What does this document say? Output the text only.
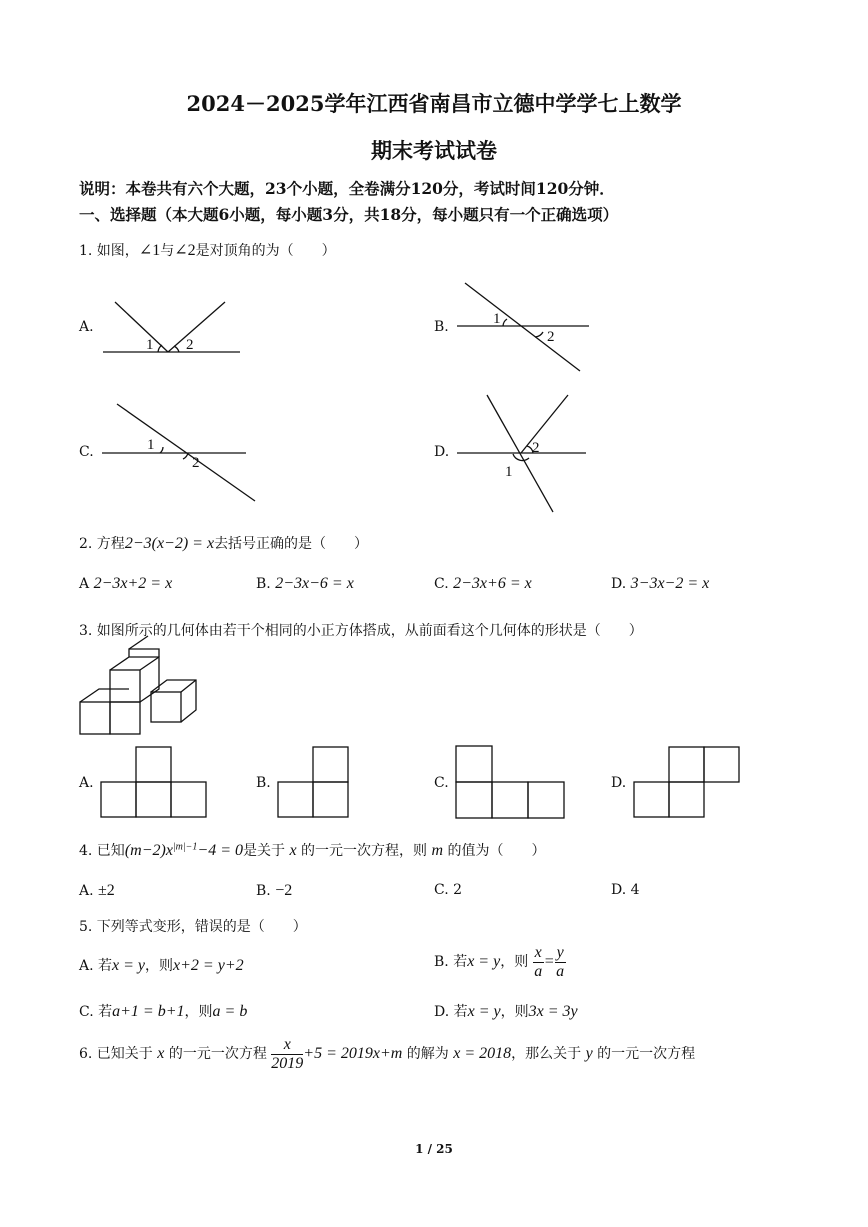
2024－2025学年江西省南昌市立德中学学七上数学
期末考试试卷
说明：本卷共有六个大题，23个小题，全卷满分120分，考试时间120分钟．
一、选择题（本大题6小题，每小题3分，共18分，每小题只有一个正确选项）
1. 如图，∠1与∠2是对顶角的为（　　）
A.
1 2
B.	1
2
C.	1
2
D.	2
1
2. 方程2−3(x−2) = x去括号正确的是（　　）
A 2−3x+2 = x	B. 2−3x−6 = x	C. 2−3x+6 = x	D. 3−3x−2 = x
3. 如图所示的几何体由若干个相同的小正方体搭成，从前面看这个几何体的形状是（　　）
A.	B.	C.	D.
4. 已知$(m-2)x^{|m|-1}-4 = 0$是关于 x 的一元一次方程，则 m 的值为（　　）
A. ±2	B. −2	C. 2	D. 4
5. 下列等式变形，错误的是（　　）
A. 若x = y，则x+2 = y+2	B. 若x = y，则 $\frac{x}{a} = \frac{y}{a}$
C. 若a+1 = b+1，则a = b	D. 若x = y，则3x = 3y
6. 已知关于 x 的一元一次方程 $\frac{x}{2019} +5 = 2019x+m$ 的解为 x = 2018，那么关于 y 的一元一次方程
1 / 25
